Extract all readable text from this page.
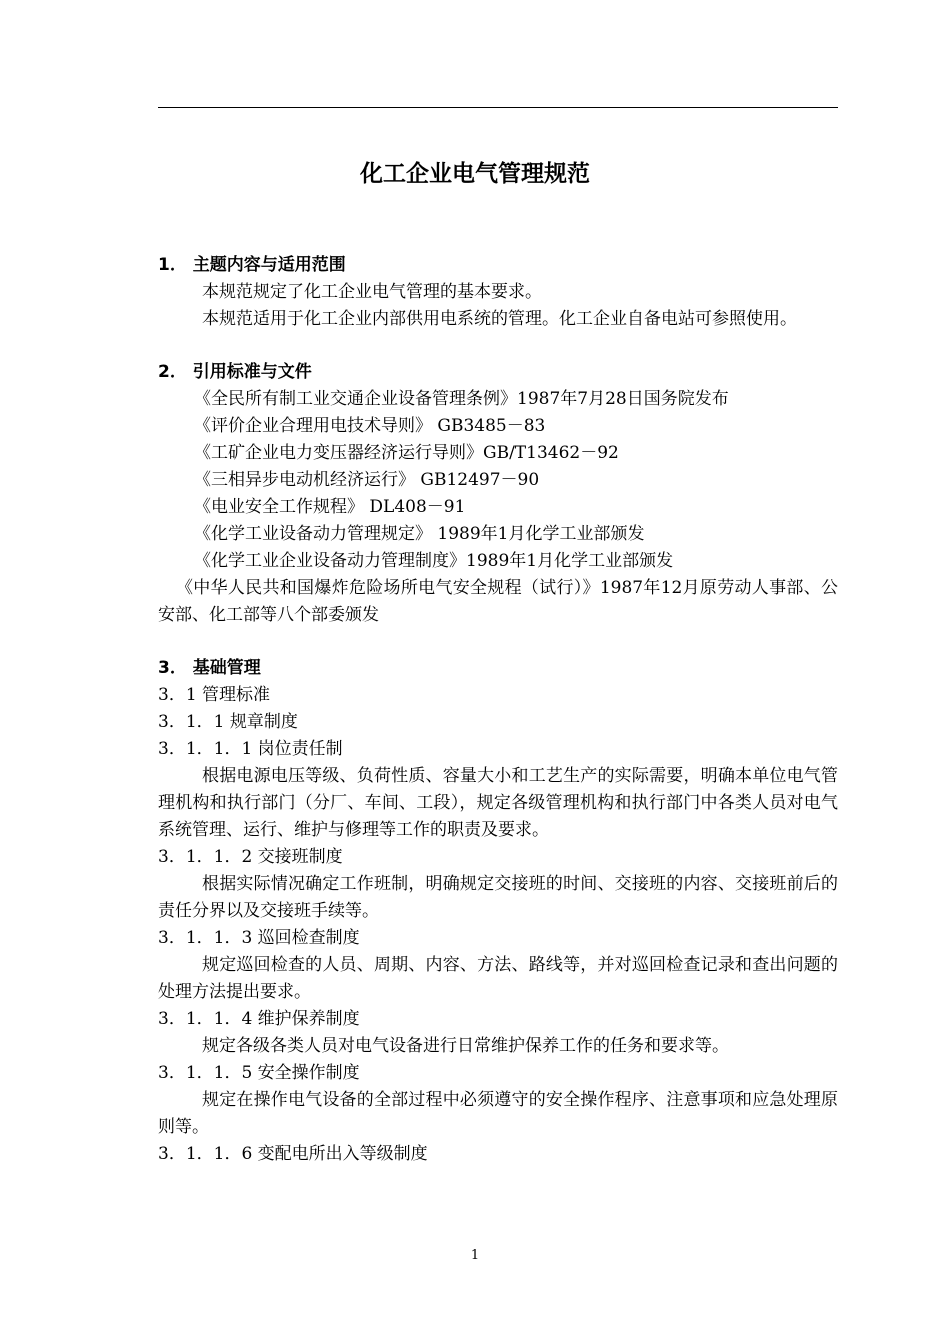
化工企业电气管理规范

1． 主题内容与适用范围

本规范规定了化工企业电气管理的基本要求。

本规范适用于化工企业内部供用电系统的管理。化工企业自备电站可参照使用。

2． 引用标准与文件

《全民所有制工业交通企业设备管理条例》1987年7月28日国务院发布

《评价企业合理用电技术导则》 GB3485－83

《工矿企业电力变压器经济运行导则》GB/T13462－92

《三相异步电动机经济运行》 GB12497－90

《电业安全工作规程》 DL408－91

《化学工业设备动力管理规定》 1989年1月化学工业部颁发

《化学工业企业设备动力管理制度》1989年1月化学工业部颁发

《中华人民共和国爆炸危险场所电气安全规程（试行）》1987年12月原劳动人事部、公安部、化工部等八个部委颁发

3． 基础管理

3．1 管理标准

3．1．1 规章制度

3．1．1．1 岗位责任制

根据电源电压等级、负荷性质、容量大小和工艺生产的实际需要，明确本单位电气管理机构和执行部门（分厂、车间、工段），规定各级管理机构和执行部门中各类人员对电气系统管理、运行、维护与修理等工作的职责及要求。

3．1．1．2 交接班制度

根据实际情况确定工作班制，明确规定交接班的时间、交接班的内容、交接班前后的责任分界以及交接班手续等。

3．1．1．3 巡回检查制度

规定巡回检查的人员、周期、内容、方法、路线等，并对巡回检查记录和查出问题的处理方法提出要求。

3．1．1．4 维护保养制度

规定各级各类人员对电气设备进行日常维护保养工作的任务和要求等。

3．1．1．5 安全操作制度

规定在操作电气设备的全部过程中必须遵守的安全操作程序、注意事项和应急处理原则等。

3．1．1．6 变配电所出入等级制度

1
